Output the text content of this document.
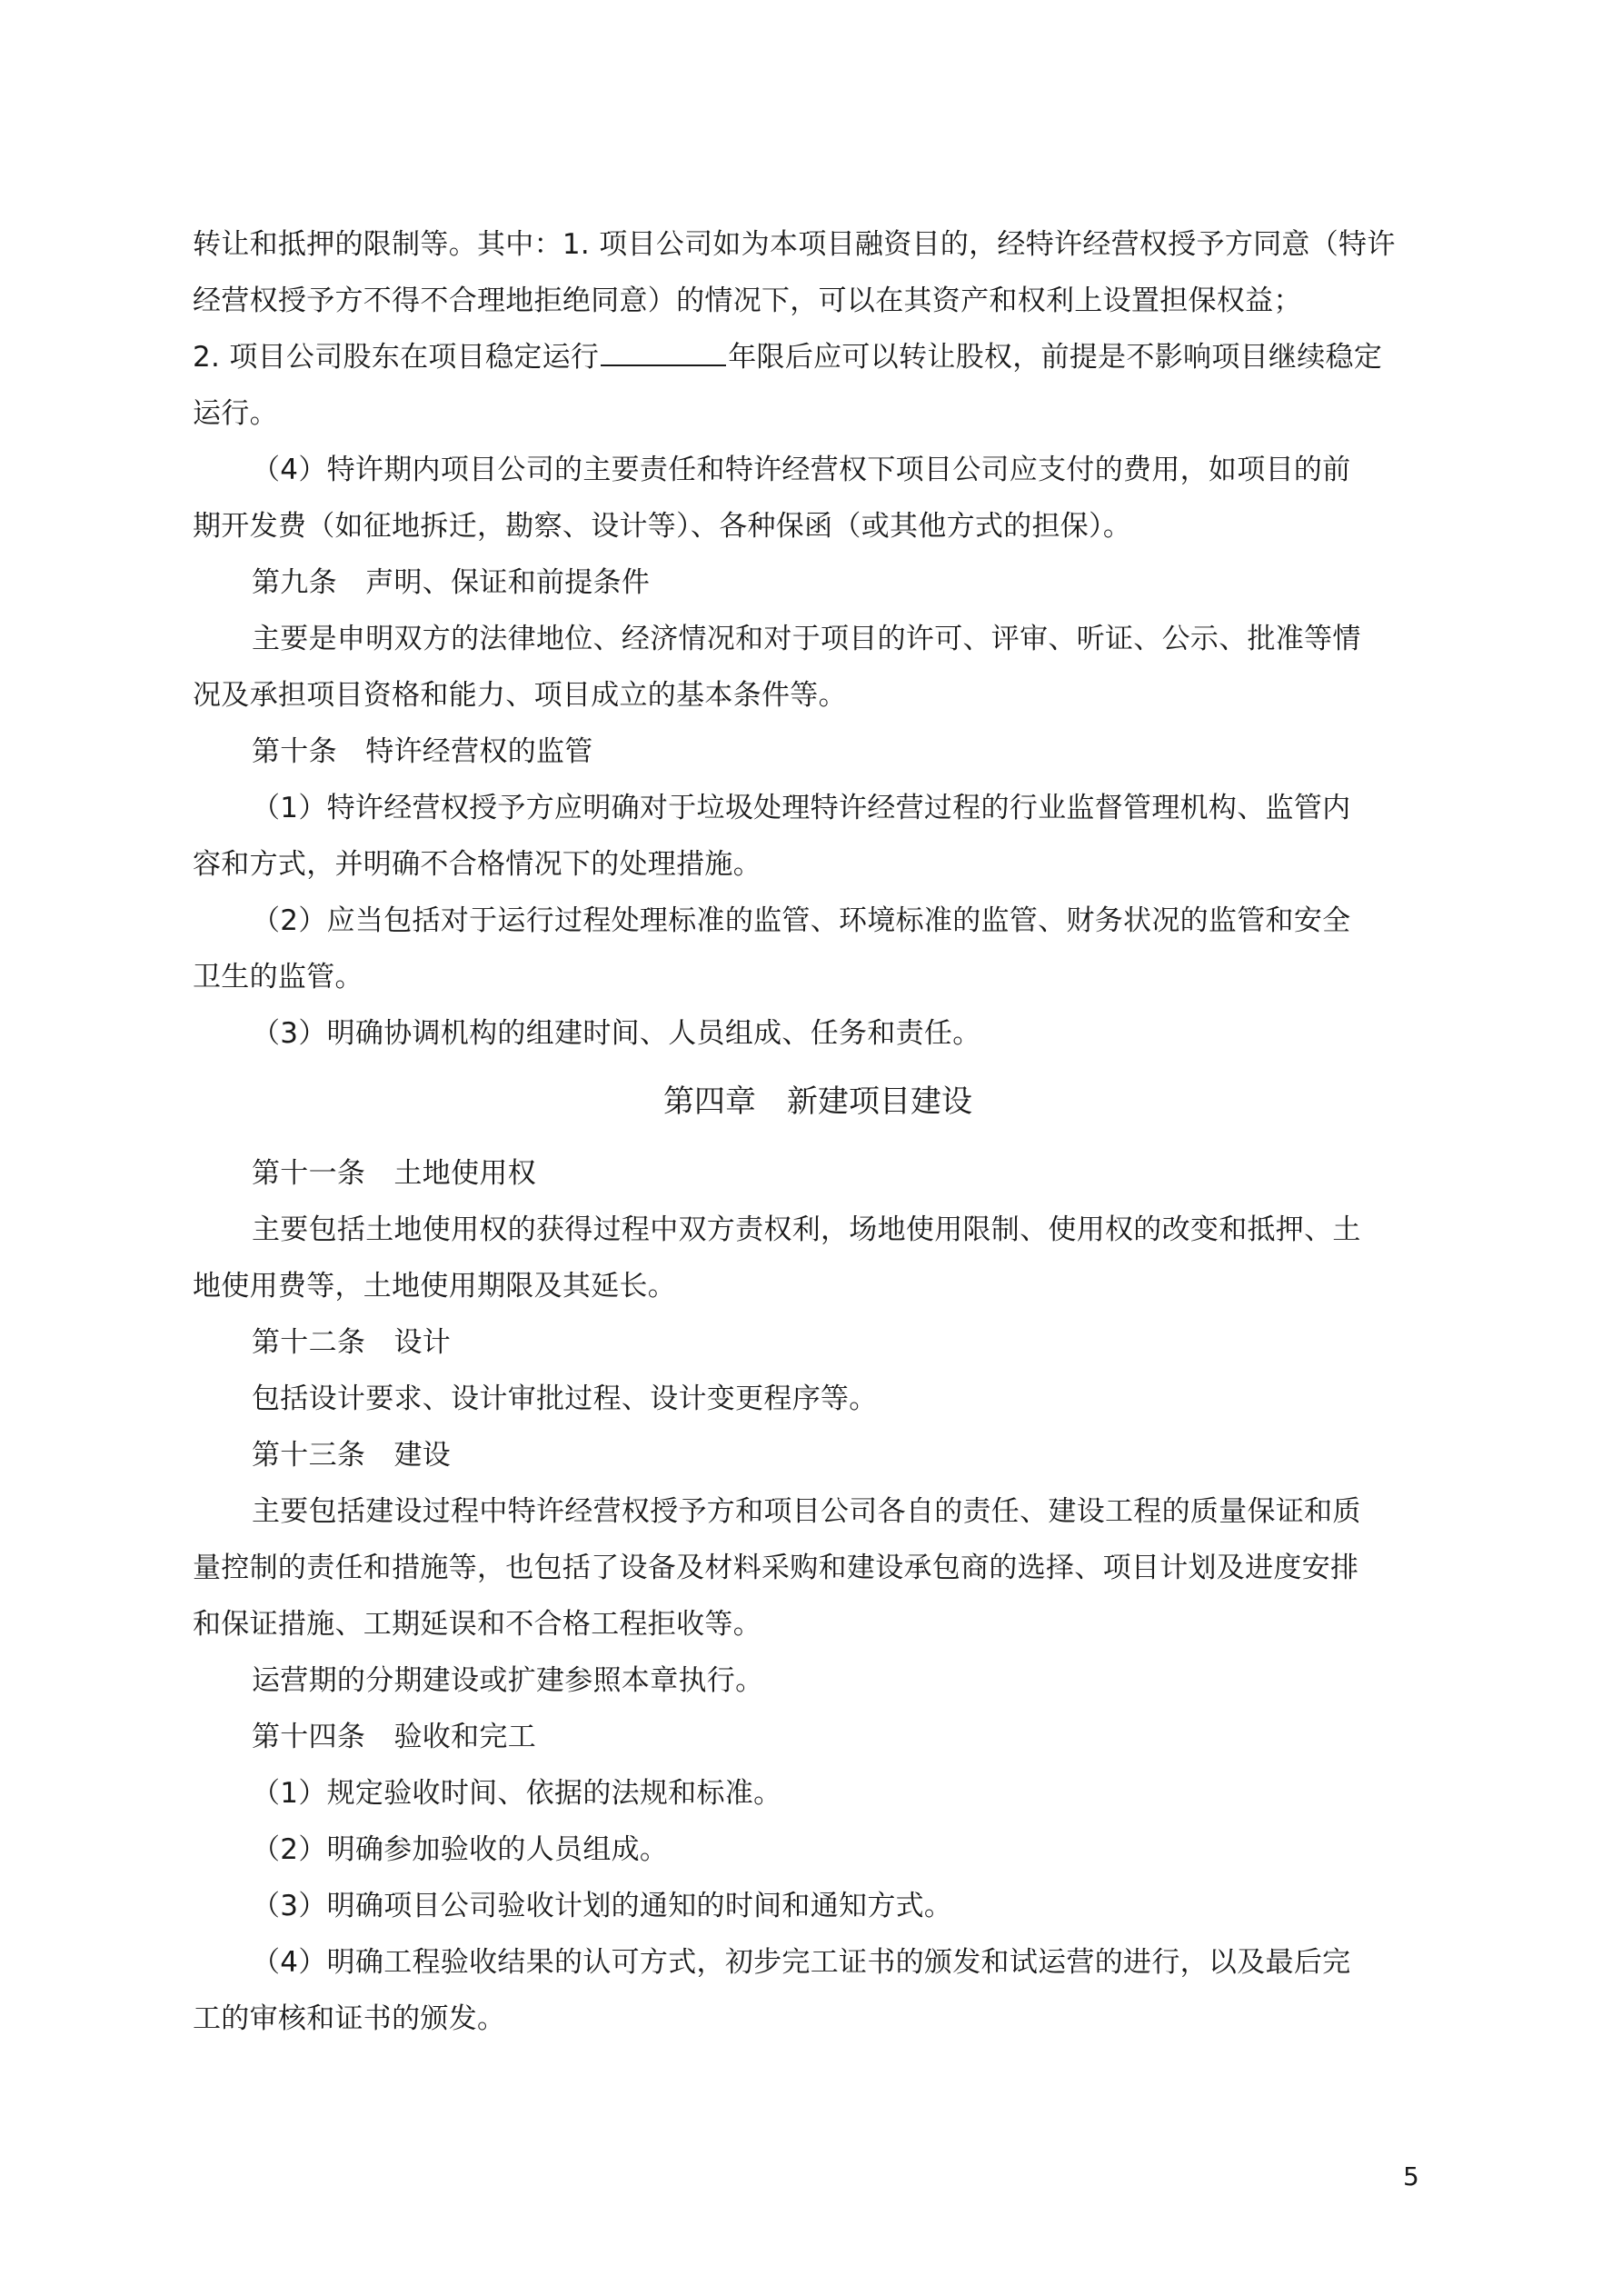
转让和抵押的限制等。其中：1. 项目公司如为本项目融资目的，经特许经营权授予方同意（特许
经营权授予方不得不合理地拒绝同意）的情况下，可以在其资产和权利上设置担保权益；
2. 项目公司股东在项目稳定运行	年限后应可以转让股权，前提是不影响项目继续稳定
运行。
（4）特许期内项目公司的主要责任和特许经营权下项目公司应支付的费用，如项目的前
期开发费（如征地拆迁，勘察、设计等）、各种保函（或其他方式的担保）。
第九条　声明、保证和前提条件
主要是申明双方的法律地位、经济情况和对于项目的许可、评审、听证、公示、批准等情
况及承担项目资格和能力、项目成立的基本条件等。
第十条　特许经营权的监管
（1）特许经营权授予方应明确对于垃圾处理特许经营过程的行业监督管理机构、监管内
容和方式，并明确不合格情况下的处理措施。
（2）应当包括对于运行过程处理标准的监管、环境标准的监管、财务状况的监管和安全
卫生的监管。
（3）明确协调机构的组建时间、人员组成、任务和责任。
第四章　新建项目建设
第十一条　土地使用权
主要包括土地使用权的获得过程中双方责权利，场地使用限制、使用权的改变和抵押、土
地使用费等，土地使用期限及其延长。
第十二条　设计
包括设计要求、设计审批过程、设计变更程序等。
第十三条　建设
主要包括建设过程中特许经营权授予方和项目公司各自的责任、建设工程的质量保证和质
量控制的责任和措施等，也包括了设备及材料采购和建设承包商的选择、项目计划及进度安排
和保证措施、工期延误和不合格工程拒收等。
运营期的分期建设或扩建参照本章执行。
第十四条　验收和完工
（1）规定验收时间、依据的法规和标准。
（2）明确参加验收的人员组成。
（3）明确项目公司验收计划的通知的时间和通知方式。
（4）明确工程验收结果的认可方式，初步完工证书的颁发和试运营的进行，以及最后完
工的审核和证书的颁发。
5
